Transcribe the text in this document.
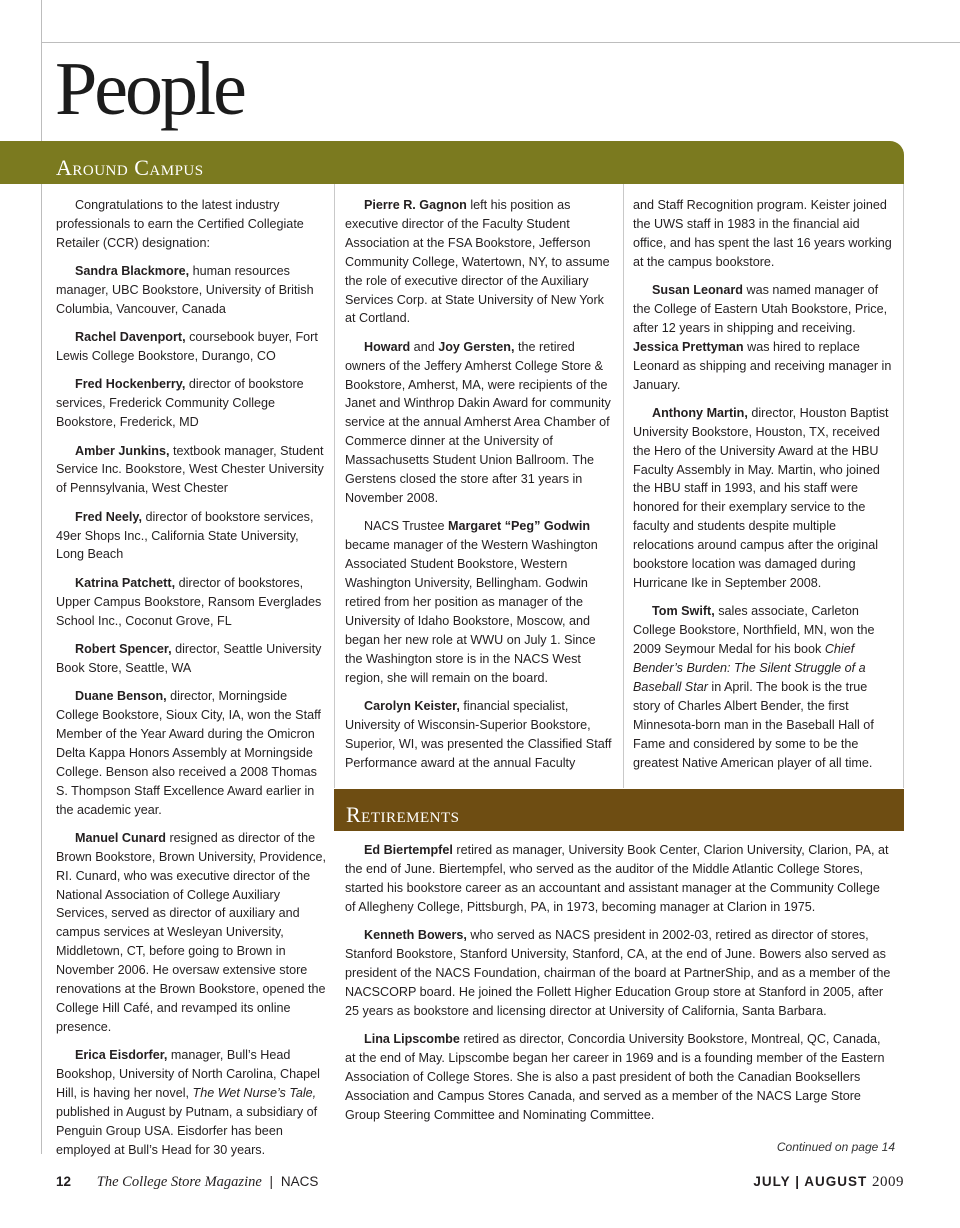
People
Around Campus

Congratulations to the latest industry professionals to earn the Certified Collegiate Retailer (CCR) designation:

Sandra Blackmore, human resources manager, UBC Bookstore, University of British Columbia, Vancouver, Canada

Rachel Davenport, coursebook buyer, Fort Lewis College Bookstore, Durango, CO

Fred Hockenberry, director of bookstore services, Frederick Community College Bookstore, Frederick, MD

Amber Junkins, textbook manager, Student Service Inc. Bookstore, West Chester University of Pennsylvania, West Chester

Fred Neely, director of bookstore services, 49er Shops Inc., California State University, Long Beach

Katrina Patchett, director of bookstores, Upper Campus Bookstore, Ransom Everglades School Inc., Coconut Grove, FL

Robert Spencer, director, Seattle University Book Store, Seattle, WA

Duane Benson, director, Morningside College Bookstore, Sioux City, IA, won the Staff Member of the Year Award during the Omicron Delta Kappa Honors Assembly at Morningside College. Benson also received a 2008 Thomas S. Thompson Staff Excellence Award earlier in the academic year.

Manuel Cunard resigned as director of the Brown Bookstore, Brown University, Providence, RI. Cunard, who was executive director of the National Association of College Auxiliary Services, served as director of auxiliary and campus services at Wesleyan University, Middletown, CT, before going to Brown in November 2006. He oversaw extensive store renovations at the Brown Bookstore, opened the College Hill Café, and revamped its online presence.

Erica Eisdorfer, manager, Bull’s Head Bookshop, University of North Carolina, Chapel Hill, is having her novel, The Wet Nurse’s Tale, published in August by Putnam, a subsidiary of Penguin Group USA. Eisdorfer has been employed at Bull’s Head for 30 years.

Pierre R. Gagnon left his position as executive director of the Faculty Student Association at the FSA Bookstore, Jefferson Community College, Watertown, NY, to assume the role of executive director of the Auxiliary Services Corp. at State University of New York at Cortland.

Howard and Joy Gersten, the retired owners of the Jeffery Amherst College Store & Bookstore, Amherst, MA, were recipients of the Janet and Winthrop Dakin Award for community service at the annual Amherst Area Chamber of Commerce dinner at the University of Massachusetts Student Union Ballroom. The Gerstens closed the store after 31 years in November 2008.

NACS Trustee Margaret “Peg” Godwin became manager of the Western Washington Associated Student Bookstore, Western Washington University, Bellingham. Godwin retired from her position as manager of the University of Idaho Bookstore, Moscow, and began her new role at WWU on July 1. Since the Washington store is in the NACS West region, she will remain on the board.

Carolyn Keister, financial specialist, University of Wisconsin-Superior Bookstore, Superior, WI, was presented the Classified Staff Performance award at the annual Faculty

and Staff Recognition program. Keister joined the UWS staff in 1983 in the financial aid office, and has spent the last 16 years working at the campus bookstore.

Susan Leonard was named manager of the College of Eastern Utah Bookstore, Price, after 12 years in shipping and receiving. Jessica Prettyman was hired to replace Leonard as shipping and receiving manager in January.

Anthony Martin, director, Houston Baptist University Bookstore, Houston, TX, received the Hero of the University Award at the HBU Faculty Assembly in May. Martin, who joined the HBU staff in 1993, and his staff were honored for their exemplary service to the faculty and students despite multiple relocations around campus after the original bookstore location was damaged during Hurricane Ike in September 2008.

Tom Swift, sales associate, Carleton College Bookstore, Northfield, MN, won the 2009 Seymour Medal for his book Chief Bender’s Burden: The Silent Struggle of a Baseball Star in April. The book is the true story of Charles Albert Bender, the first Minnesota-born man in the Baseball Hall of Fame and considered by some to be the greatest Native American player of all time.

Retirements

Ed Biertempfel retired as manager, University Book Center, Clarion University, Clarion, PA, at the end of June. Biertempfel, who served as the auditor of the Middle Atlantic College Stores, started his bookstore career as an accountant and assistant manager at the Community College of Allegheny College, Pittsburgh, PA, in 1973, becoming manager at Clarion in 1975.

Kenneth Bowers, who served as NACS president in 2002-03, retired as director of stores, Stanford Bookstore, Stanford University, Stanford, CA, at the end of June. Bowers also served as president of the NACS Foundation, chairman of the board at PartnerShip, and as a member of the NACSCORP board. He joined the Follett Higher Education Group store at Stanford in 2005, after 25 years as bookstore and licensing director at University of California, Santa Barbara.

Lina Lipscombe retired as director, Concordia University Bookstore, Montreal, QC, Canada, at the end of May. Lipscombe began her career in 1969 and is a founding member of the Eastern Association of College Stores. She is also a past president of both the Canadian Booksellers Association and Campus Stores Canada, and served as a member of the NACS Large Store Group Steering Committee and Nominating Committee.

Continued on page 14
12 The College Store Magazine | NACS	JULY | AUGUST 2009
